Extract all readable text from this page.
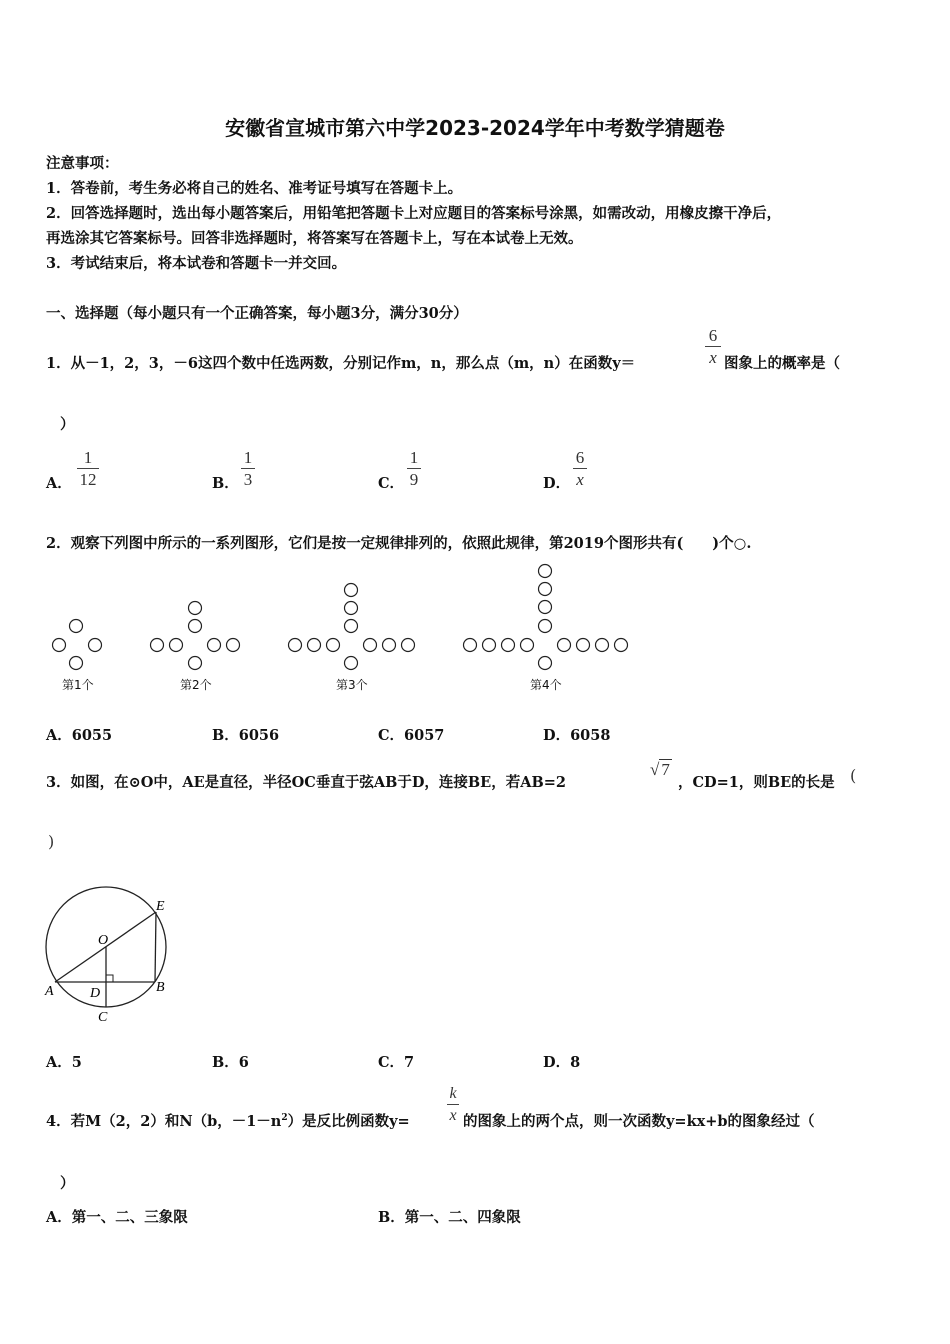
安徽省宣城市第六中学2023-2024学年中考数学猜题卷
注意事项：
1．答卷前，考生务必将自己的姓名、准考证号填写在答题卡上。
2．回答选择题时，选出每小题答案后，用铅笔把答题卡上对应题目的答案标号涂黑，如需改动，用橡皮擦干净后，
再选涂其它答案标号。回答非选择题时，将答案写在答题卡上，写在本试卷上无效。
3．考试结束后，将本试卷和答题卡一并交回。
一、选择题（每小题只有一个正确答案，每小题3分，满分30分）
1．从－1，2，3，－6这四个数中任选两数，分别记作m，n，那么点（m，n）在函数y＝
6
x 图象上的概率是（
）
A．
1
12	B．
1
3	C．
1
9	D．
6
x
2．观察下列图中所示的一系列图形，它们是按一定规律排列的，依照此规律，第2019个图形共有(　　)个○.
第1个	第2个	第3个	第4个
A．6055	B．6056	C．6057	D．6058
3．如图，在⊙O中，AE是直径，半径OC垂直于弦AB于D，连接BE，若AB=2
√ 7
，CD=1，则BE的长是 (
)
O
E
A	D	B
C
A．5	B．6	C．7	D．8
4．若M（2，2）和N（b，$-1-n^2$）是反比例函数y=
k
x 的图象上的两个点，则一次函数y=kx+b的图象经过（
）
A．第一、二、三象限	B．第一、二、四象限
